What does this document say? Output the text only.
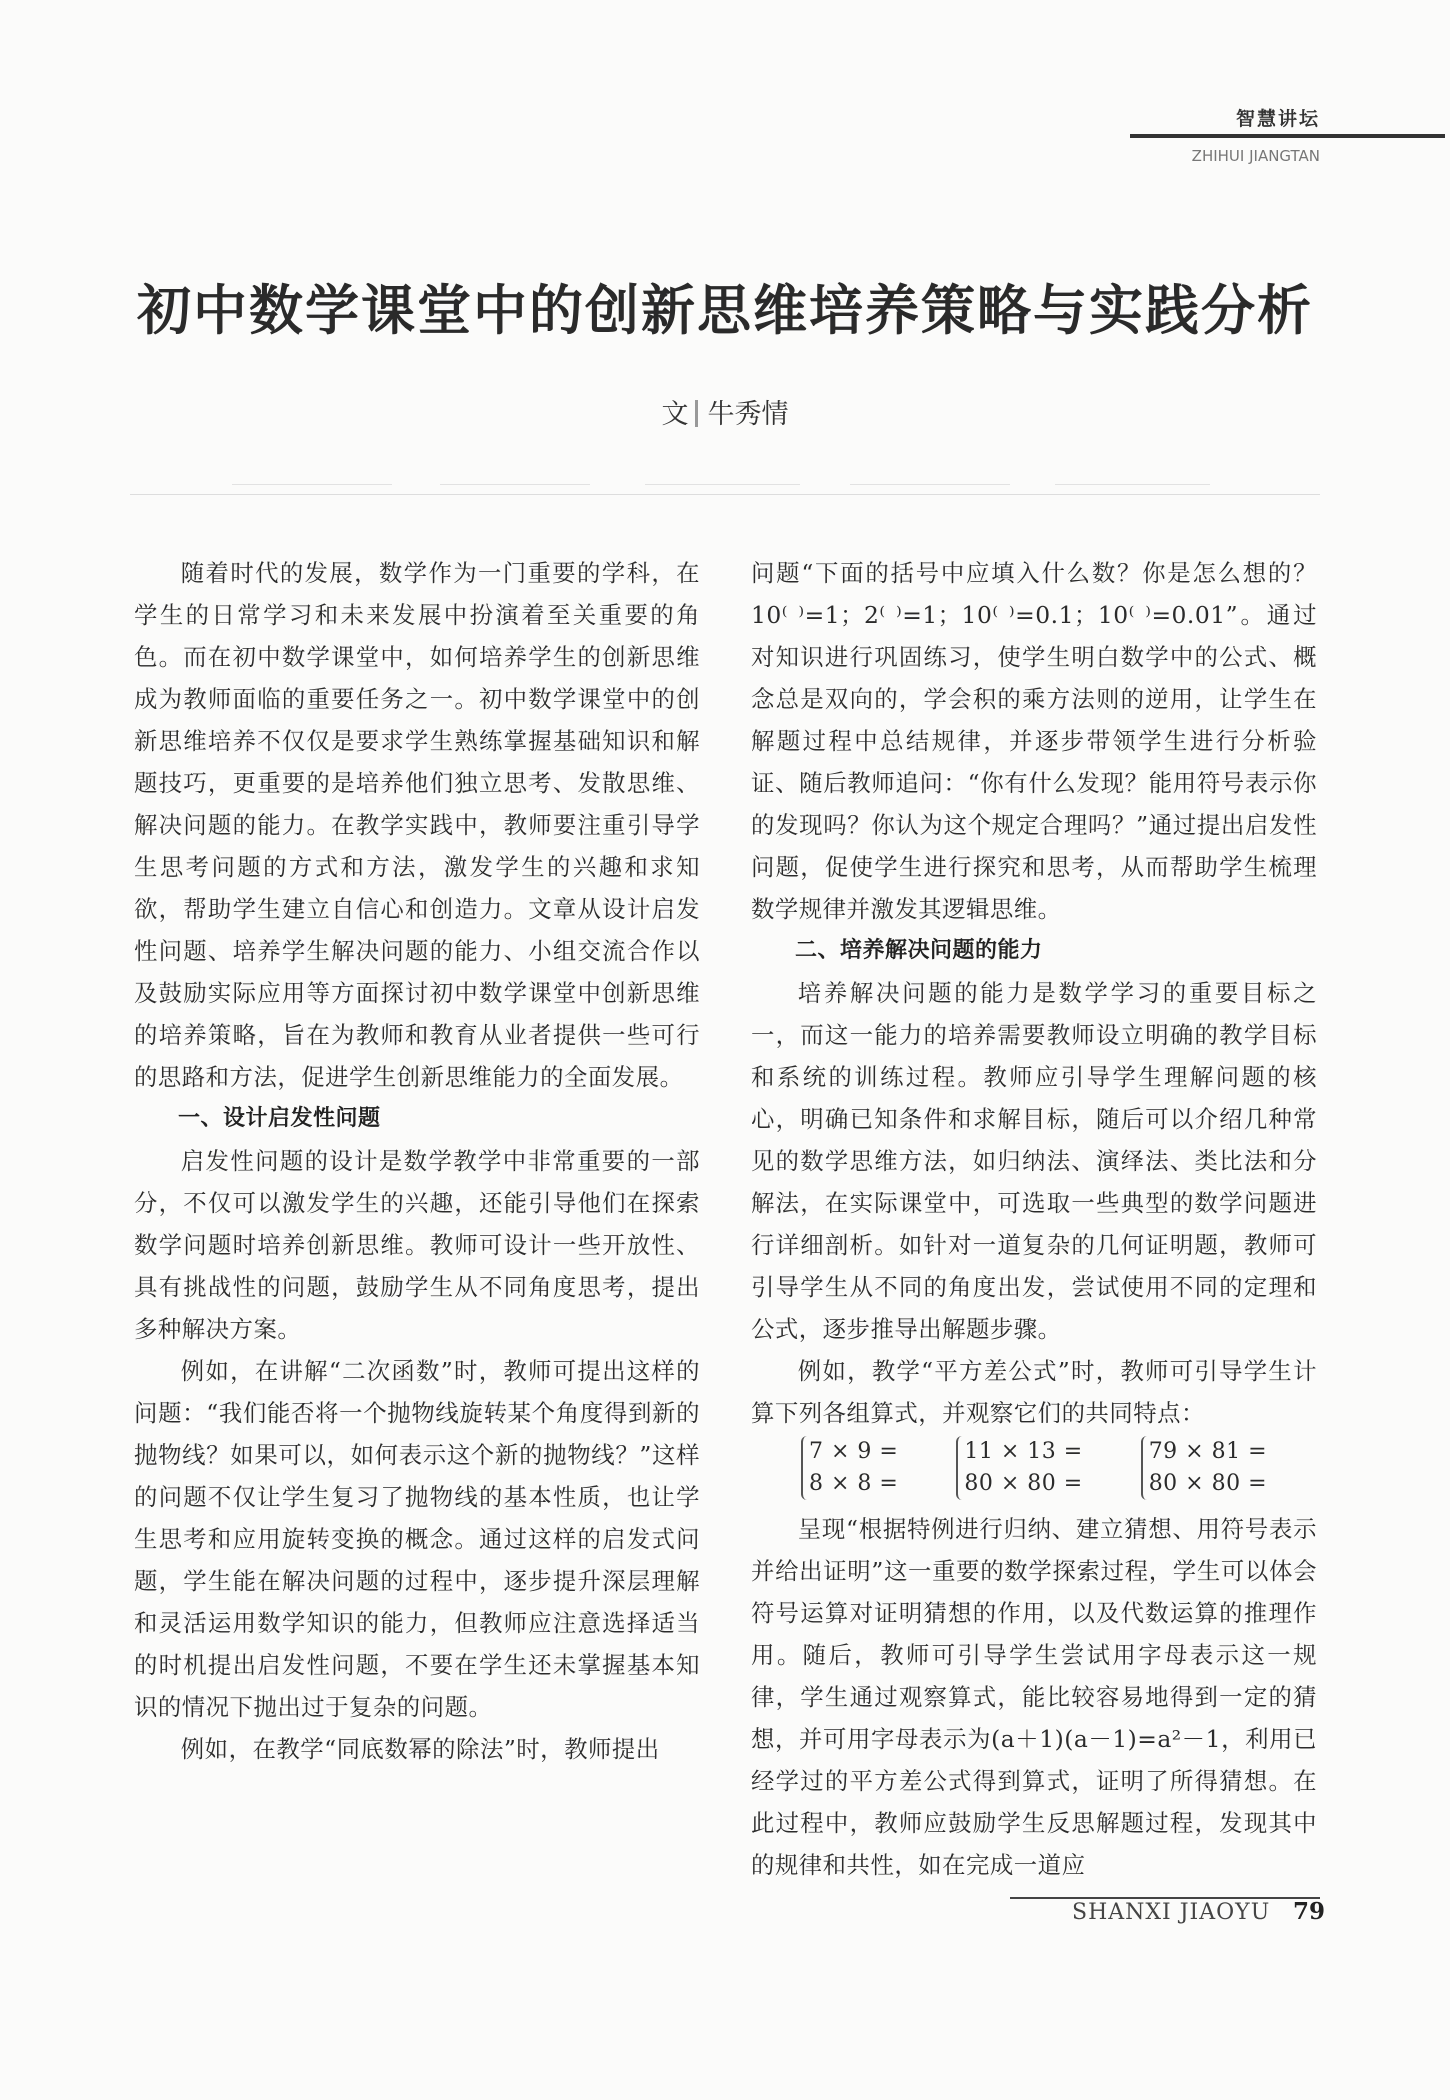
智慧讲坛
ZHIHUI JIANGTAN
初中数学课堂中的创新思维培养策略与实践分析
文 牛秀情

随着时代的发展，数学作为一门重要的学科，在学生的日常学习和未来发展中扮演着至关重要的角色。而在初中数学课堂中，如何培养学生的创新思维成为教师面临的重要任务之一。初中数学课堂中的创新思维培养不仅仅是要求学生熟练掌握基础知识和解题技巧，更重要的是培养他们独立思考、发散思维、解决问题的能力。在教学实践中，教师要注重引导学生思考问题的方式和方法，激发学生的兴趣和求知欲，帮助学生建立自信心和创造力。文章从设计启发性问题、培养学生解决问题的能力、小组交流合作以及鼓励实际应用等方面探讨初中数学课堂中创新思维的培养策略，旨在为教师和教育从业者提供一些可行的思路和方法，促进学生创新思维能力的全面发展。

一、设计启发性问题

启发性问题的设计是数学教学中非常重要的一部分，不仅可以激发学生的兴趣，还能引导他们在探索数学问题时培养创新思维。教师可设计一些开放性、具有挑战性的问题，鼓励学生从不同角度思考，提出多种解决方案。

例如，在讲解“二次函数”时，教师可提出这样的问题：“我们能否将一个抛物线旋转某个角度得到新的抛物线？如果可以，如何表示这个新的抛物线？”这样的问题不仅让学生复习了抛物线的基本性质，也让学生思考和应用旋转变换的概念。通过这样的启发式问题，学生能在解决问题的过程中，逐步提升深层理解和灵活运用数学知识的能力，但教师应注意选择适当的时机提出启发性问题，不要在学生还未掌握基本知识的情况下抛出过于复杂的问题。

例如，在教学“同底数幂的除法”时，教师提出

问题“下面的括号中应填入什么数？你是怎么想的？10⁽ ⁾=1；2⁽ ⁾=1；10⁽ ⁾=0.1；10⁽ ⁾=0.01”。通过对知识进行巩固练习，使学生明白数学中的公式、概念总是双向的，学会积的乘方法则的逆用，让学生在解题过程中总结规律，并逐步带领学生进行分析验证、随后教师追问：“你有什么发现？能用符号表示你的发现吗？你认为这个规定合理吗？”通过提出启发性问题，促使学生进行探究和思考，从而帮助学生梳理数学规律并激发其逻辑思维。

二、培养解决问题的能力

培养解决问题的能力是数学学习的重要目标之一，而这一能力的培养需要教师设立明确的教学目标和系统的训练过程。教师应引导学生理解问题的核心，明确已知条件和求解目标，随后可以介绍几种常见的数学思维方法，如归纳法、演绎法、类比法和分解法，在实际课堂中，可选取一些典型的数学问题进行详细剖析。如针对一道复杂的几何证明题，教师可引导学生从不同的角度出发，尝试使用不同的定理和公式，逐步推导出解题步骤。

例如，教学“平方差公式”时，教师可引导学生计算下列各组算式，并观察它们的共同特点：

7 × 9 =
8 × 8 =
11 × 13 =
80 × 80 =
79 × 81 =
80 × 80 =

呈现“根据特例进行归纳、建立猜想、用符号表示并给出证明”这一重要的数学探索过程，学生可以体会符号运算对证明猜想的作用，以及代数运算的推理作用。随后，教师可引导学生尝试用字母表示这一规律，学生通过观察算式，能比较容易地得到一定的猜想，并可用字母表示为(a＋1)(a－1)=a²－1，利用已经学过的平方差公式得到算式，证明了所得猜想。在此过程中，教师应鼓励学生反思解题过程，发现其中的规律和共性，如在完成一道应

SHANXI JIAOYU 79
